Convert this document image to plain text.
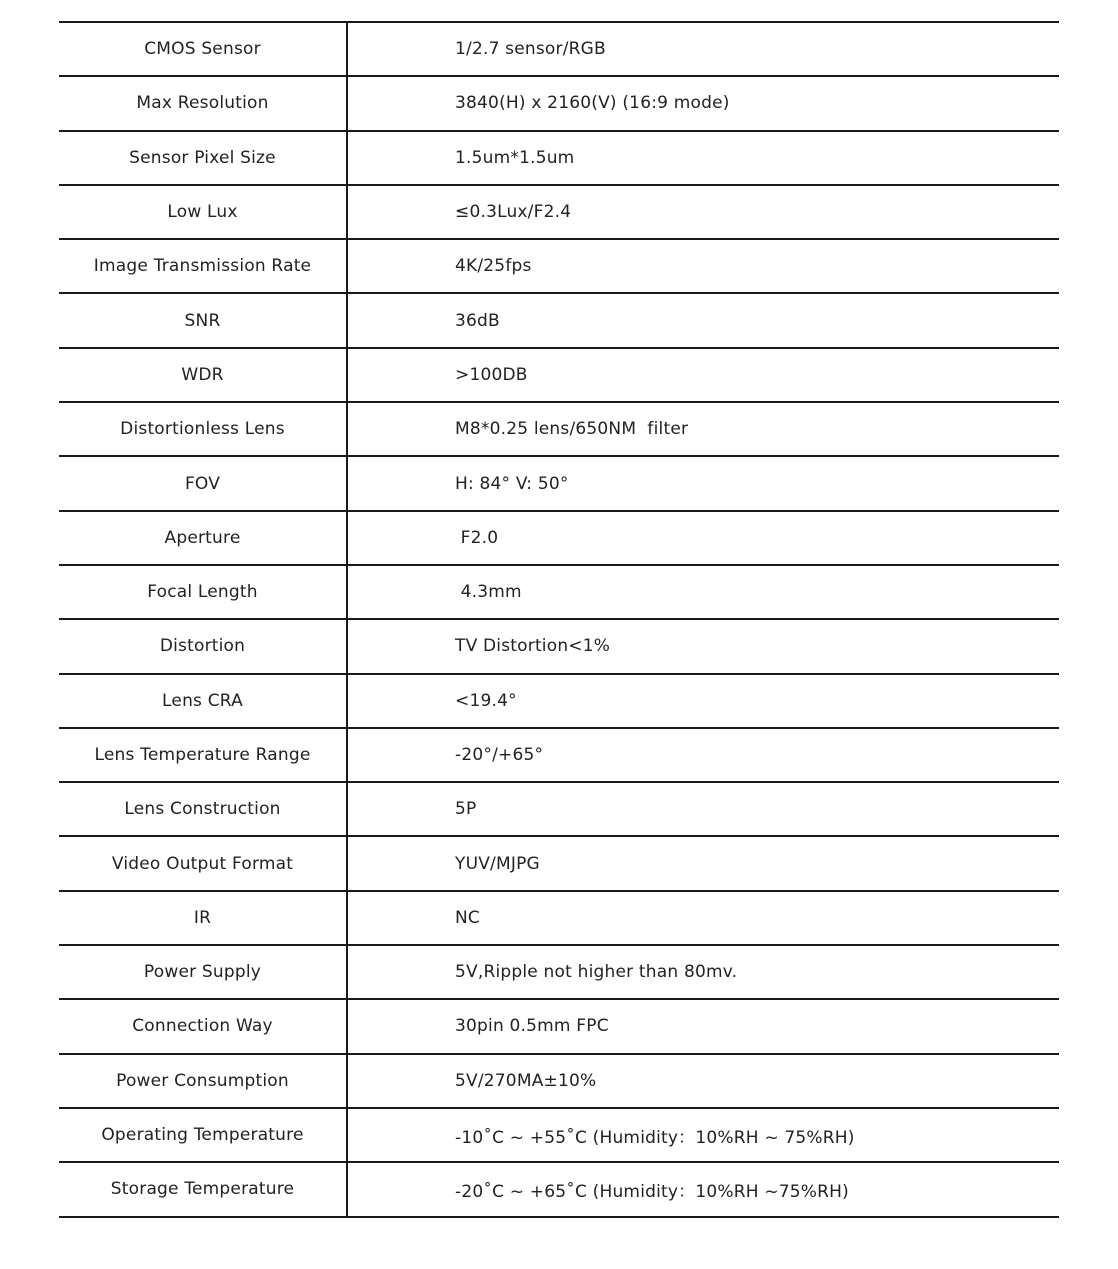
CMOS Sensor	1/2.7 sensor/RGB
Max Resolution	3840(H) x 2160(V) (16:9 mode)
Sensor Pixel Size	1.5um*1.5um
Low Lux	≤0.3Lux/F2.4
Image Transmission Rate	4K/25fps
SNR	36dB
WDR	>100DB
Distortionless Lens	M8*0.25 lens/650NM  filter
FOV	H: 84° V: 50°
Aperture	F2.0
Focal Length	4.3mm
Distortion	TV Distortion<1%
Lens CRA	<19.4°
Lens Temperature Range	-20°/+65°
Lens Construction	5P
Video Output Format	YUV/MJPG
IR	NC
Power Supply	5V,Ripple not higher than 80mv.
Connection Way	30pin 0.5mm FPC
Power Consumption	5V/270MA±10%
Operating Temperature	-10˚C ~ +55˚C (Humidity：10%RH ~ 75%RH)
Storage Temperature	-20˚C ~ +65˚C (Humidity：10%RH ~75%RH)
